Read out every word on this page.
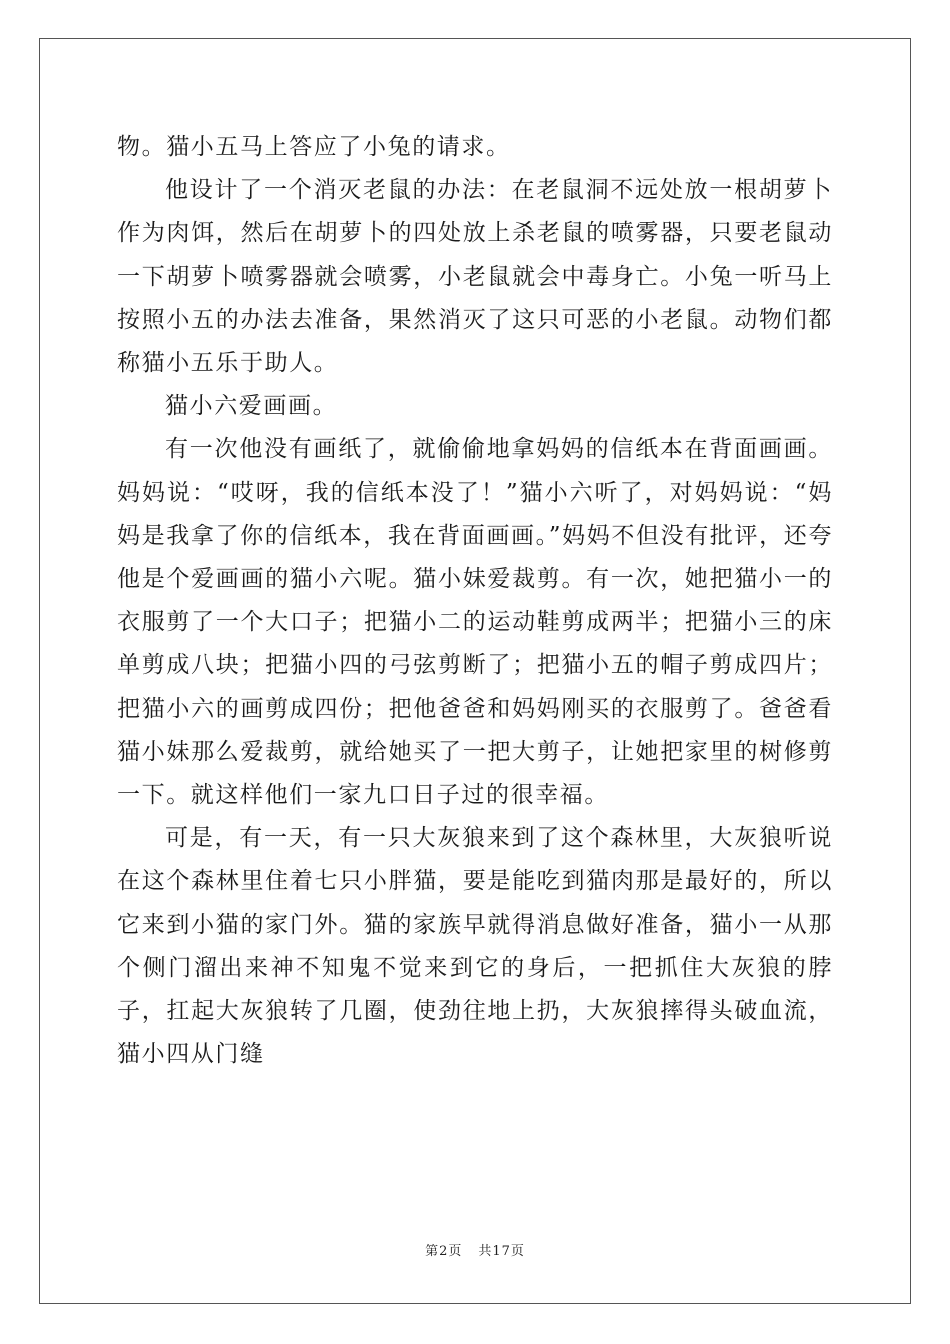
物。猫小五马上答应了小兔的请求。

他设计了一个消灭老鼠的办法：在老鼠洞不远处放一根胡萝卜作为肉饵，然后在胡萝卜的四处放上杀老鼠的喷雾器，只要老鼠动一下胡萝卜喷雾器就会喷雾，小老鼠就会中毒身亡。小兔一听马上按照小五的办法去准备，果然消灭了这只可恶的小老鼠。动物们都称猫小五乐于助人。

猫小六爱画画。

有一次他没有画纸了，就偷偷地拿妈妈的信纸本在背面画画。妈妈说：“哎呀，我的信纸本没了！”猫小六听了，对妈妈说：“妈妈是我拿了你的信纸本，我在背面画画。”妈妈不但没有批评，还夸他是个爱画画的猫小六呢。猫小妹爱裁剪。有一次，她把猫小一的衣服剪了一个大口子；把猫小二的运动鞋剪成两半；把猫小三的床单剪成八块；把猫小四的弓弦剪断了；把猫小五的帽子剪成四片；把猫小六的画剪成四份；把他爸爸和妈妈刚买的衣服剪了。爸爸看猫小妹那么爱裁剪，就给她买了一把大剪子，让她把家里的树修剪一下。就这样他们一家九口日子过的很幸福。

可是，有一天，有一只大灰狼来到了这个森林里，大灰狼听说在这个森林里住着七只小胖猫，要是能吃到猫肉那是最好的，所以它来到小猫的家门外。猫的家族早就得消息做好准备，猫小一从那个侧门溜出来神不知鬼不觉来到它的身后，一把抓住大灰狼的脖子，扛起大灰狼转了几圈，使劲往地上扔，大灰狼摔得头破血流，猫小四从门缝

第2页 共17页
